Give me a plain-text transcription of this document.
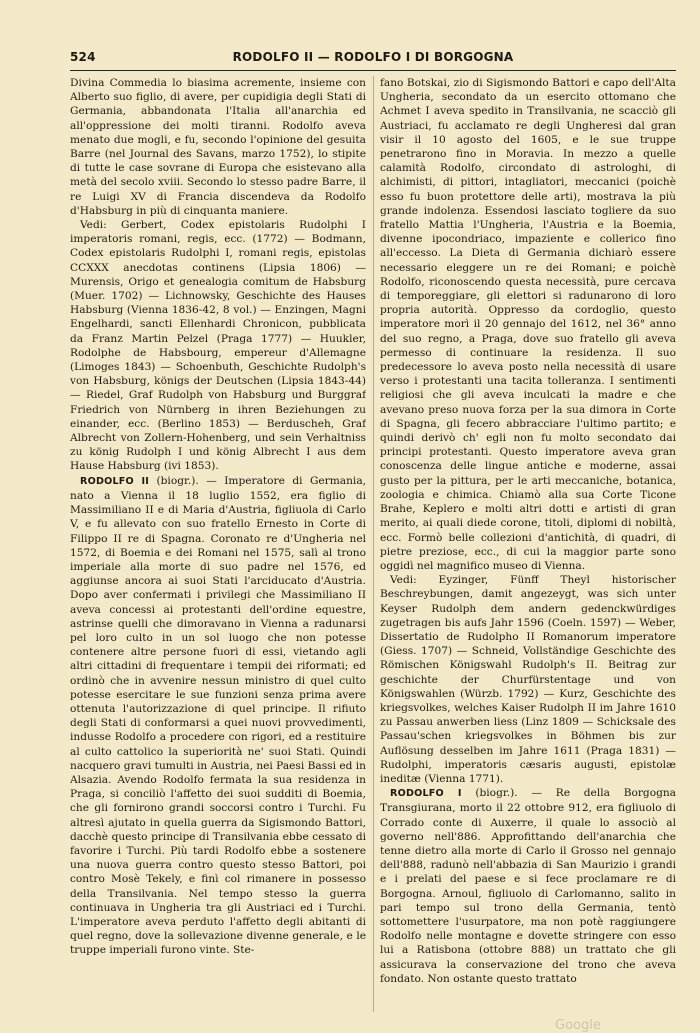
524	RODOLFO II — RODOLFO I DI BORGOGNA

Divina Commedia lo biasima acremente, insieme con Alberto suo figlio, di avere, per cupidigia degli Stati di Germania, abbandonata l'Italia all'anarchia ed all'oppressione dei molti tiranni. Rodolfo aveva menato due mogli, e fu, secondo l'opinione del gesuita Barre (nel Journal des Savans, marzo 1752), lo stipite di tutte le case sovrane di Europa che esistevano alla metà del secolo xviii. Secondo lo stesso padre Barre, il re Luigi XV di Francia discendeva da Rodolfo d'Habsburg in più di cinquanta maniere.

Vedi: Gerbert, Codex epistolaris Rudolphi I imperatoris romani, regis, ecc. (1772) — Bodmann, Codex epistolaris Rudolphi I, romani regis, epistolas CCXXX anecdotas continens (Lipsia 1806) — Murensis, Origo et genealogia comitum de Habsburg (Muer. 1702) — Lichnowsky, Geschichte des Hauses Habsburg (Vienna 1836-42, 8 vol.) — Enzingen, Magni Engelhardi, sancti Ellenhardi Chronicon, pubblicata da Franz Martin Pelzel (Praga 1777) — Huukler, Rodolphe de Habsbourg, empereur d'Allemagne (Limoges 1843) — Schoenbuth, Geschichte Rudolph's von Habsburg, königs der Deutschen (Lipsia 1843-44) — Riedel, Graf Rudolph von Habsburg und Burggraf Friedrich von Nürnberg in ihren Beziehungen zu einander, ecc. (Berlino 1853) — Berduscheh, Graf Albrecht von Zollern-Hohenberg, und sein Verhaltniss zu könig Rudolph I und könig Albrecht I aus dem Hause Habsburg (ivi 1853).

RODOLFO II (biogr.). — Imperatore di Germania, nato a Vienna il 18 luglio 1552, era figlio di Massimiliano II e di Maria d'Austria, figliuola di Carlo V, e fu allevato con suo fratello Ernesto in Corte di Filippo II re di Spagna. Coronato re d'Ungheria nel 1572, di Boemia e dei Romani nel 1575, salì al trono imperiale alla morte di suo padre nel 1576, ed aggiunse ancora ai suoi Stati l'arciducato d'Austria. Dopo aver confermati i privilegi che Massimiliano II aveva concessi ai protestanti dell'ordine equestre, astrinse quelli che dimoravano in Vienna a radunarsi pel loro culto in un sol luogo che non potesse contenere altre persone fuori di essi, vietando agli altri cittadini di frequentare i tempii dei riformati; ed ordinò che in avvenire nessun ministro di quel culto potesse esercitare le sue funzioni senza prima avere ottenuta l'autorizzazione di quel principe. Il rifiuto degli Stati di conformarsi a quei nuovi provvedimenti, indusse Rodolfo a procedere con rigori, ed a restituire al culto cattolico la superiorità ne' suoi Stati. Quindi nacquero gravi tumulti in Austria, nei Paesi Bassi ed in Alsazia. Avendo Rodolfo fermata la sua residenza in Praga, si conciliò l'affetto dei suoi sudditi di Boemia, che gli fornirono grandi soccorsi contro i Turchi. Fu altresì ajutato in quella guerra da Sigismondo Battori, dacchè questo principe di Transilvania ebbe cessato di favorire i Turchi. Più tardi Rodolfo ebbe a sostenere una nuova guerra contro questo stesso Battori, poi contro Mosè Tekely, e finì col rimanere in possesso della Transilvania. Nel tempo stesso la guerra continuava in Ungheria tra gli Austriaci ed i Turchi. L'imperatore aveva perduto l'affetto degli abitanti di quel regno, dove la sollevazione divenne generale, e le truppe imperiali furono vinte. Ste-

fano Botskai, zio di Sigismondo Battori e capo dell'Alta Ungheria, secondato da un esercito ottomano che Achmet I aveva spedito in Transilvania, ne scacciò gli Austriaci, fu acclamato re degli Ungheresi dal gran visir il 10 agosto del 1605, e le sue truppe penetrarono fino in Moravia. In mezzo a quelle calamità Rodolfo, circondato di astrologhi, di alchimisti, di pittori, intagliatori, meccanici (poichè esso fu buon protettore delle arti), mostrava la più grande indolenza. Essendosi lasciato togliere da suo fratello Mattia l'Ungheria, l'Austria e la Boemia, divenne ipocondriaco, impaziente e collerico fino all'eccesso. La Dieta di Germania dichiarò essere necessario eleggere un re dei Romani; e poichè Rodolfo, riconoscendo questa necessità, pure cercava di temporeggiare, gli elettori si radunarono di loro propria autorità. Oppresso da cordoglio, questo imperatore morì il 20 gennajo del 1612, nel 36° anno del suo regno, a Praga, dove suo fratello gli aveva permesso di continuare la residenza. Il suo predecessore lo aveva posto nella necessità di usare verso i protestanti una tacita tolleranza. I sentimenti religiosi che gli aveva inculcati la madre e che avevano preso nuova forza per la sua dimora in Corte di Spagna, gli fecero abbracciare l'ultimo partito; e quindi derivò ch' egli non fu molto secondato dai principi protestanti. Questo imperatore aveva gran conoscenza delle lingue antiche e moderne, assai gusto per la pittura, per le arti meccaniche, botanica, zoologia e chimica. Chiamò alla sua Corte Ticone Brahe, Keplero e molti altri dotti e artisti di gran merito, ai quali diede corone, titoli, diplomi di nobiltà, ecc. Formò belle collezioni d'antichità, di quadri, di pietre preziose, ecc., di cui la maggior parte sono oggidì nel magnifico museo di Vienna.

Vedi: Eyzinger, Fünff Theyl historischer Beschreybungen, damit angezeygt, was sich unter Keyser Rudolph dem andern gedenckwürdiges zugetragen bis aufs Jahr 1596 (Coeln. 1597) — Weber, Dissertatio de Rudolpho II Romanorum imperatore (Giess. 1707) — Schneid, Vollständige Geschichte des Römischen Königswahl Rudolph's II. Beitrag zur geschichte der Churfürstentage und von Königswahlen (Würzb. 1792) — Kurz, Geschichte des kriegsvolkes, welches Kaiser Rudolph II im Jahre 1610 zu Passau anwerben liess (Linz 1809 — Schicksale des Passau'schen kriegsvolkes in Böhmen bis zur Auflösung desselben im Jahre 1611 (Praga 1831) — Rudolphi, imperatoris cæsaris augusti, epistolæ ineditæ (Vienna 1771).

RODOLFO I (biogr.). — Re della Borgogna Transgiurana, morto il 22 ottobre 912, era figliuolo di Corrado conte di Auxerre, il quale lo associò al governo nell'886. Approfittando dell'anarchia che tenne dietro alla morte di Carlo il Grosso nel gennajo dell'888, radunò nell'abbazia di San Maurizio i grandi e i prelati del paese e si fece proclamare re di Borgogna. Arnoul, figliuolo di Carlomanno, salito in pari tempo sul trono della Germania, tentò sottomettere l'usurpatore, ma non potè raggiungere Rodolfo nelle montagne e dovette stringere con esso lui a Ratisbona (ottobre 888) un trattato che gli assicurava la conservazione del trono che aveva fondato. Non ostante questo trattato

Google
